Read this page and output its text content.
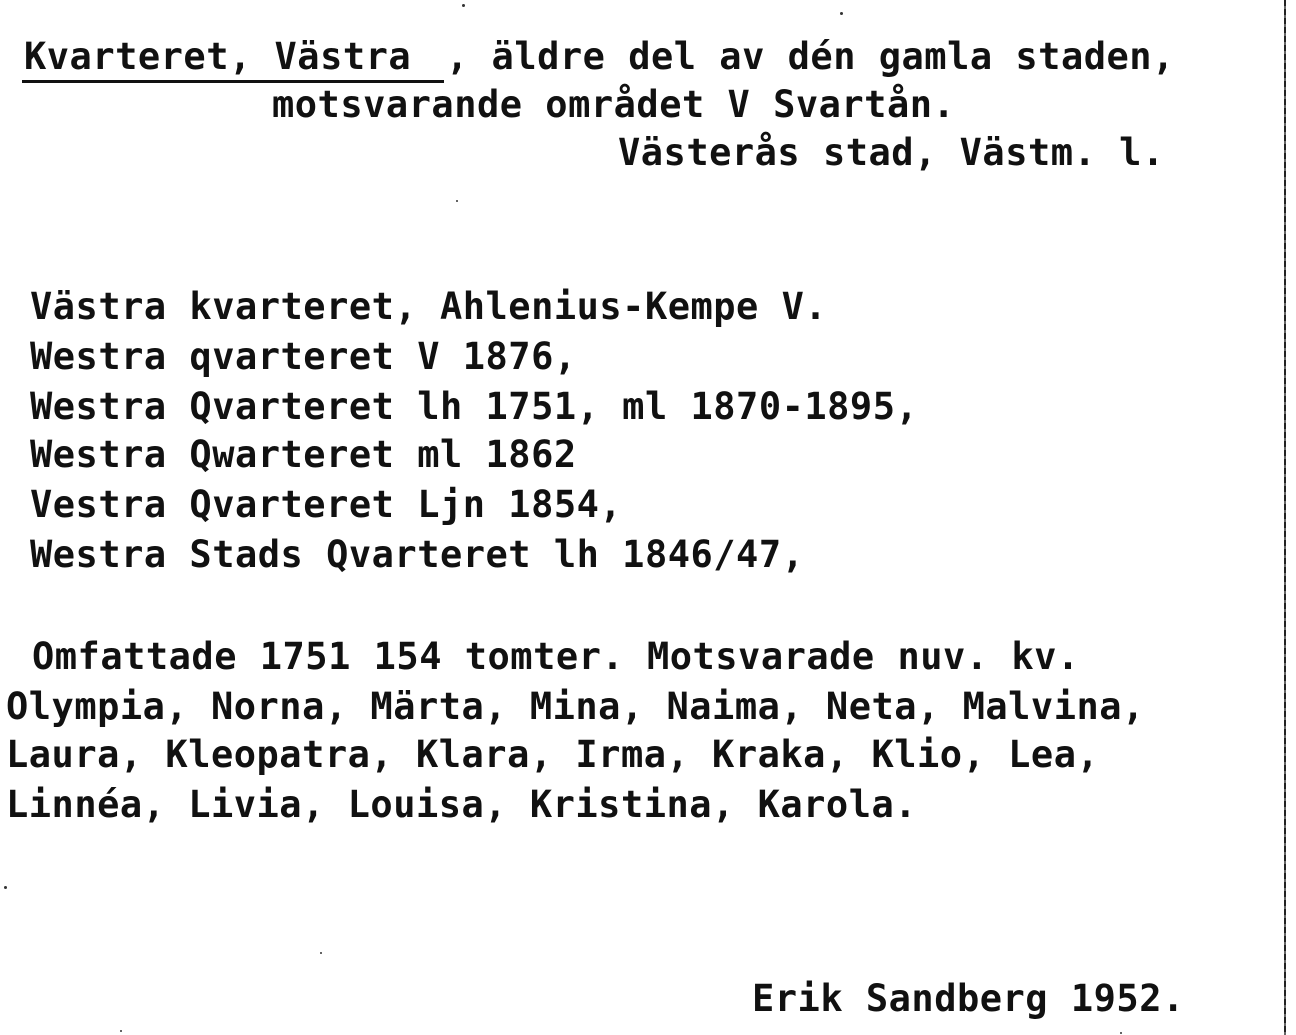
Kvarteret, Västra , äldre del av dén gamla staden,
motsvarande området V Svartån.
Västerås stad, Västm. l.
Västra kvarteret, Ahlenius-Kempe V.
Westra qvarteret V 1876,
Westra Qvarteret lh 1751, ml 1870-1895,
Westra Qwarteret ml 1862
Vestra Qvarteret Ljn 1854,
Westra Stads Qvarteret lh 1846/47,
Omfattade 1751 154 tomter. Motsvarade nuv. kv.
Olympia, Norna, Märta, Mina, Naima, Neta, Malvina,
Laura, Kleopatra, Klara, Irma, Kraka, Klio, Lea,
Linnéa, Livia, Louisa, Kristina, Karola.
Erik Sandberg 1952.
